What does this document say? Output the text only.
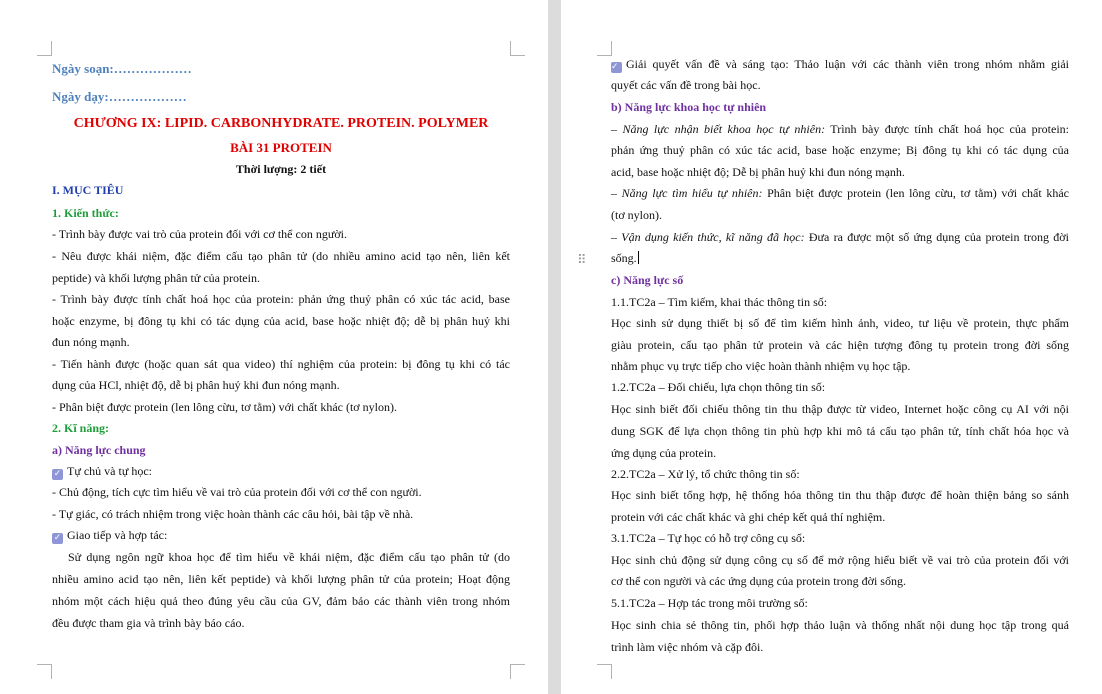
Ngày soạn:………………
Ngày dạy:………………
CHƯƠNG IX: LIPID. CARBONHYDRATE. PROTEIN. POLYMER
BÀI 31 PROTEIN
Thời lượng: 2 tiết
I. MỤC TIÊU
1. Kiến thức:
- Trình bày được vai trò của protein đối với cơ thể con người.
- Nêu được khái niệm, đặc điểm cấu tạo phân tử (do nhiều amino acid tạo nên, liên kết
peptide) và khối lượng phân tử của protein.
- Trình bày được tính chất hoá học của protein: phản ứng thuỷ phân có xúc tác acid, base
hoặc enzyme, bị đông tụ khi có tác dụng của acid, base hoặc nhiệt độ; dễ bị phân huỷ khi
đun nóng mạnh.
- Tiến hành được (hoặc quan sát qua video) thí nghiệm của protein: bị đông tụ khi có tác
dụng của HCl, nhiệt độ, dễ bị phân huỷ khi đun nóng mạnh.
- Phân biệt được protein (len lông cừu, tơ tằm) với chất khác (tơ nylon).
2. Kĩ năng:
a) Năng lực chung
✓ Tự chủ và tự học:
- Chủ động, tích cực tìm hiểu về vai trò của protein đối với cơ thể con người.
- Tự giác, có trách nhiệm trong việc hoàn thành các câu hỏi, bài tập về nhà.
✓ Giao tiếp và hợp tác:
Sử dụng ngôn ngữ khoa học để tìm hiểu về khái niệm, đặc điểm cấu tạo phân tử (do
nhiều amino acid tạo nên, liên kết peptide) và khối lượng phân tử của protein; Hoạt động
nhóm một cách hiệu quả theo đúng yêu cầu của GV, đảm bảo các thành viên trong nhóm
đều được tham gia và trình bày báo cáo.
✓ Giải quyết vấn đề và sáng tạo: Thảo luận với các thành viên trong nhóm nhằm giải
quyết các vấn đề trong bài học.
b) Năng lực khoa học tự nhiên
– Năng lực nhận biết khoa học tự nhiên: Trình bày được tính chất hoá học của protein:
phản ứng thuỷ phân có xúc tác acid, base hoặc enzyme; Bị đông tụ khi có tác dụng của
acid, base hoặc nhiệt độ; Dễ bị phân huỷ khi đun nóng mạnh.
– Năng lực tìm hiểu tự nhiên: Phân biệt được protein (len lông cừu, tơ tằm) với chất khác
(tơ nylon).
– Vận dụng kiến thức, kĩ năng đã học: Đưa ra được một số ứng dụng của protein trong đời
sống.
c) Năng lực số
1.1.TC2a – Tìm kiếm, khai thác thông tin số:
Học sinh sử dụng thiết bị số để tìm kiếm hình ảnh, video, tư liệu về protein, thực phẩm
giàu protein, cấu tạo phân tử protein và các hiện tượng đông tụ protein trong đời sống
nhằm phục vụ trực tiếp cho việc hoàn thành nhiệm vụ học tập.
1.2.TC2a – Đối chiếu, lựa chọn thông tin số:
Học sinh biết đối chiếu thông tin thu thập được từ video, Internet hoặc công cụ AI với nội
dung SGK để lựa chọn thông tin phù hợp khi mô tả cấu tạo phân tử, tính chất hóa học và
ứng dụng của protein.
2.2.TC2a – Xử lý, tổ chức thông tin số:
Học sinh biết tổng hợp, hệ thống hóa thông tin thu thập được để hoàn thiện bảng so sánh
protein với các chất khác và ghi chép kết quả thí nghiệm.
3.1.TC2a – Tự học có hỗ trợ công cụ số:
Học sinh chủ động sử dụng công cụ số để mở rộng hiểu biết về vai trò của protein đối với
cơ thể con người và các ứng dụng của protein trong đời sống.
5.1.TC2a – Hợp tác trong môi trường số:
Học sinh chia sẻ thông tin, phối hợp thảo luận và thống nhất nội dung học tập trong quá
trình làm việc nhóm và cặp đôi.
⠿
